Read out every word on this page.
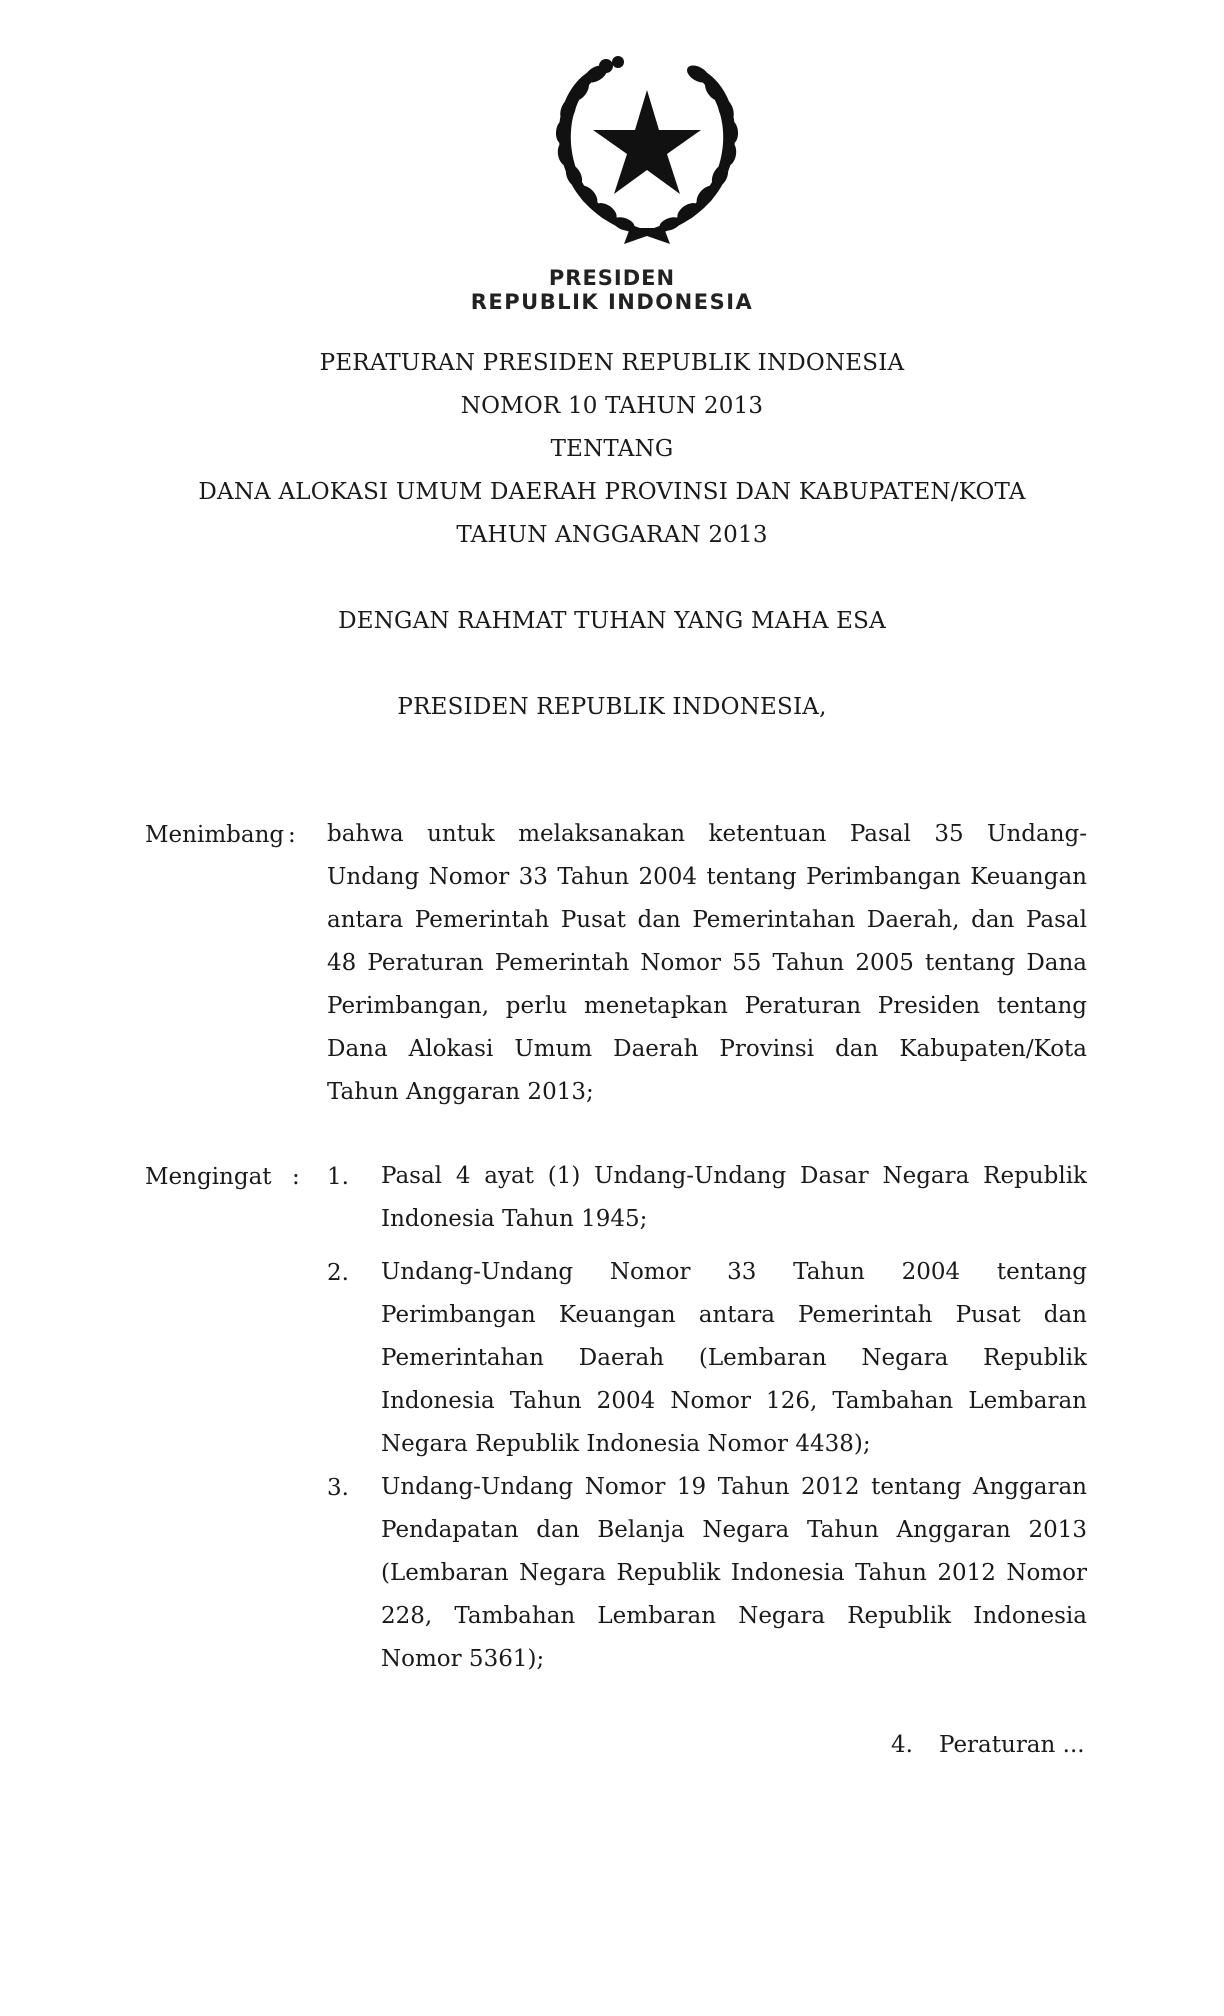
PRESIDEN
REPUBLIK INDONESIA
PERATURAN PRESIDEN REPUBLIK INDONESIA
NOMOR 10 TAHUN 2013
TENTANG
DANA ALOKASI UMUM DAERAH PROVINSI DAN KABUPATEN/KOTA
TAHUN ANGGARAN 2013
DENGAN RAHMAT TUHAN YANG MAHA ESA
PRESIDEN REPUBLIK INDONESIA,
Menimbang : bahwa untuk melaksanakan ketentuan Pasal 35 Undang-
Undang Nomor 33 Tahun 2004 tentang Perimbangan Keuangan
antara Pemerintah Pusat dan Pemerintahan Daerah, dan Pasal
48 Peraturan Pemerintah Nomor 55 Tahun 2005 tentang Dana
Perimbangan, perlu menetapkan Peraturan Presiden tentang
Dana Alokasi Umum Daerah Provinsi dan Kabupaten/Kota
Tahun Anggaran 2013;
Mengingat : 1. Pasal 4 ayat (1) Undang-Undang Dasar Negara Republik
Indonesia Tahun 1945;
2. Undang-Undang Nomor 33 Tahun 2004 tentang
Perimbangan Keuangan antara Pemerintah Pusat dan
Pemerintahan Daerah (Lembaran Negara Republik
Indonesia Tahun 2004 Nomor 126, Tambahan Lembaran
Negara Republik Indonesia Nomor 4438);
3. Undang-Undang Nomor 19 Tahun 2012 tentang Anggaran
Pendapatan dan Belanja Negara Tahun Anggaran 2013
(Lembaran Negara Republik Indonesia Tahun 2012 Nomor
228, Tambahan Lembaran Negara Republik Indonesia
Nomor 5361);
4. Peraturan ...
